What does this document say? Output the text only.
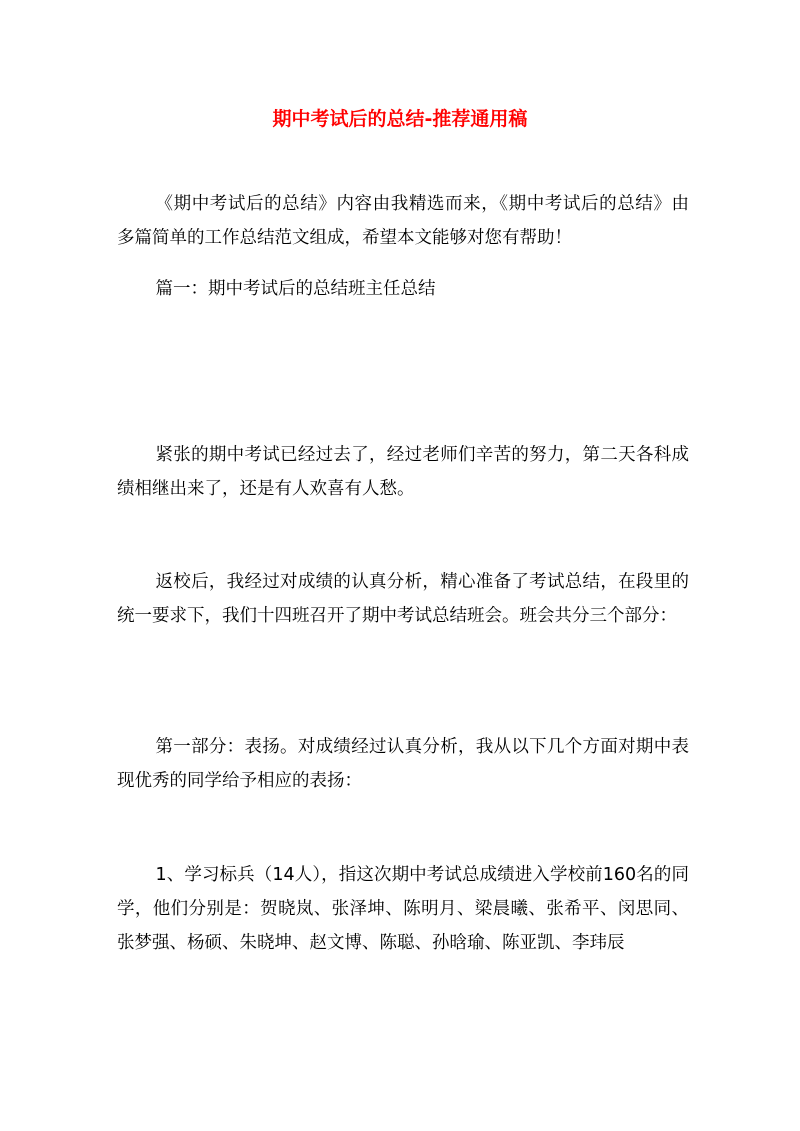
期中考试后的总结-推荐通用稿

《期中考试后的总结》内容由我精选而来，《期中考试后的总结》由多篇简单的工作总结范文组成，希望本文能够对您有帮助！

篇一：期中考试后的总结班主任总结

紧张的期中考试已经过去了，经过老师们辛苦的努力，第二天各科成绩相继出来了，还是有人欢喜有人愁。

返校后，我经过对成绩的认真分析，精心准备了考试总结，在段里的统一要求下，我们十四班召开了期中考试总结班会。班会共分三个部分：

第一部分：表扬。对成绩经过认真分析，我从以下几个方面对期中表现优秀的同学给予相应的表扬：

1、学习标兵（14人），指这次期中考试总成绩进入学校前160名的同学，他们分别是：贺晓岚、张泽坤、陈明月、梁晨曦、张希平、闵思同、张梦强、杨硕、朱晓坤、赵文博、陈聪、孙晗瑜、陈亚凯、李玮辰
